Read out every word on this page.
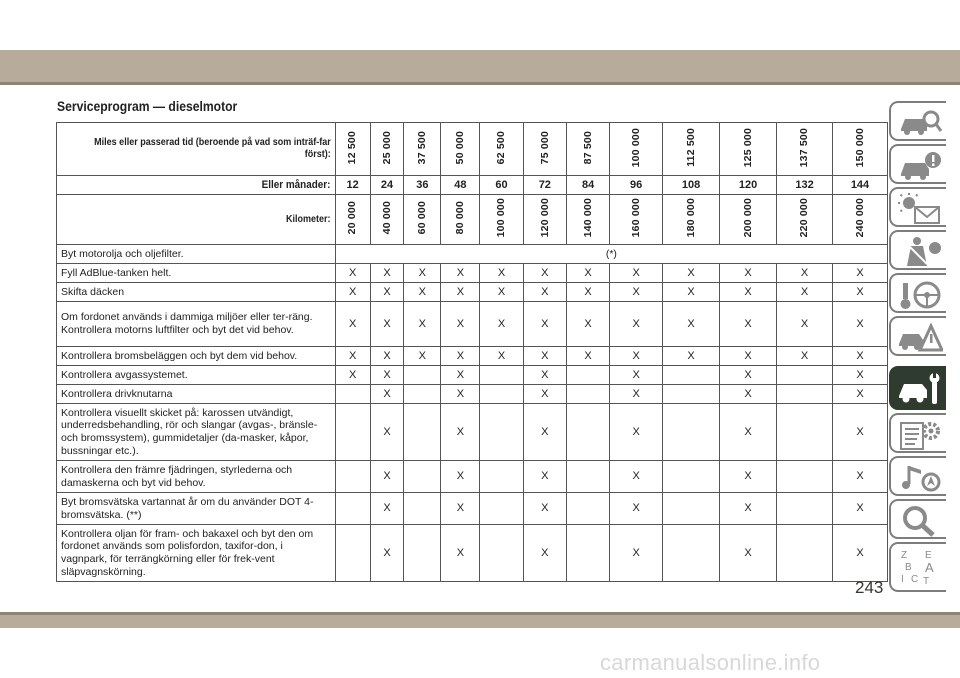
Serviceprogram — dieselmotor
Miles eller passerad tid (beroende på vad som inträf-far först):	12 500	25 000	37 500	50 000	62 500	75 000	87 500	100 000	112 500	125 000	137 500	150 000
Eller månader:	12	24	36	48	60	72	84	96	108	120	132	144
Kilometer:	20 000	40 000	60 000	80 000	100 000	120 000	140 000	160 000	180 000	200 000	220 000	240 000
Byt motorolja och oljefilter.	(*)											
Fyll AdBlue-tanken helt.	X	X	X	X	X	X	X	X	X	X	X	X
Skifta däcken	X	X	X	X	X	X	X	X	X	X	X	X
Om fordonet används i dammiga miljöer eller ter-räng. Kontrollera motorns luftfilter och byt det vid behov.	X	X	X	X	X	X	X	X	X	X	X	X
Kontrollera bromsbeläggen och byt dem vid behov.	X	X	X	X	X	X	X	X	X	X	X	X
Kontrollera avgassystemet.	X	X		X		X		X		X		X
Kontrollera drivknutarna		X		X		X		X		X		X
Kontrollera visuellt skicket på: karossen utvändigt, underredsbehandling, rör och slangar (avgas-, bränsle- och bromssystem), gummidetaljer (da-masker, kåpor, bussningar etc.).		X		X		X		X		X		X
Kontrollera den främre fjädringen, styrlederna och damaskerna och byt vid behov.		X		X		X		X		X		X
Byt bromsvätska vartannat år om du använder DOT 4-bromsvätska. (**)		X		X		X		X		X		X
Kontrollera oljan för fram- och bakaxel och byt den om fordonet används som polisfordon, taxifor-don, i vagnpark, för terrängkörning eller för frek-vent släpvagnskörning.		X		X		X		X		X		X	Z E
B A
C T
I
243
carmanualsonline.info
